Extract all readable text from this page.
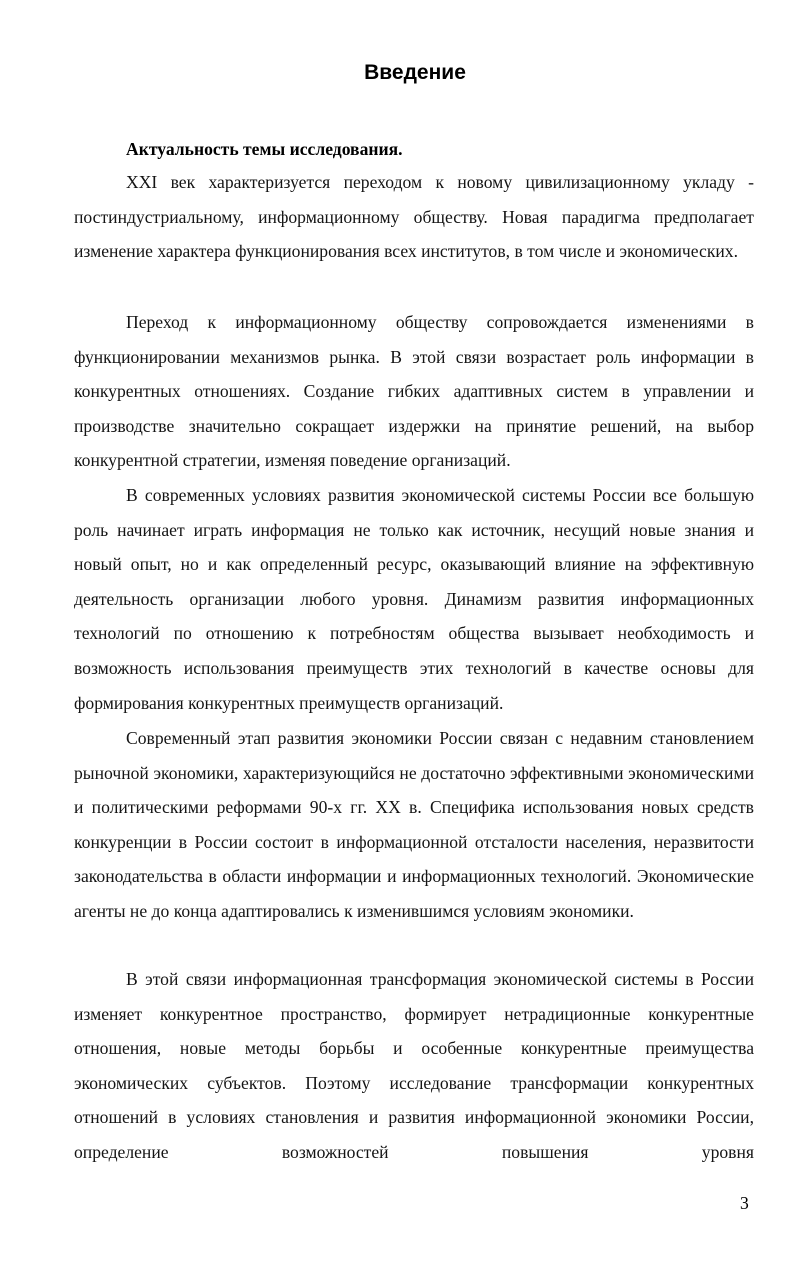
Введение
Актуальность темы исследования.

XXI век характеризуется переходом к новому цивилизационному укладу - постиндустриальному, информационному обществу. Новая парадигма предполагает изменение характера функционирования всех институтов, в том числе и экономических.

Переход к информационному обществу сопровождается изменениями в функционировании механизмов рынка. В этой связи возрастает роль информации в конкурентных отношениях. Создание гибких адаптивных систем в управлении и производстве значительно сокращает издержки на принятие решений, на выбор конкурентной стратегии, изменяя поведение организаций.

В современных условиях развития экономической системы России все большую роль начинает играть информация не только как источник, несущий новые знания и новый опыт, но и как определенный ресурс, оказывающий влияние на эффективную деятельность организации любого уровня. Динамизм развития информационных технологий по отношению к потребностям общества вызывает необходимость и возможность использования преимуществ этих технологий в качестве основы для формирования конкурентных преимуществ организаций.

Современный этап развития экономики России связан с недавним становлением рыночной экономики, характеризующийся не достаточно эффективными экономическими и политическими реформами 90-х гг. XX в. Специфика использования новых средств конкуренции в России состоит в информационной отсталости населения, неразвитости законодательства в области информации и информационных технологий. Экономические агенты не до конца адаптировались к изменившимся условиям экономики.

В этой связи информационная трансформация экономической системы в России изменяет конкурентное пространство, формирует нетрадиционные конкурентные отношения, новые методы борьбы и особенные конкурентные преимущества экономических субъектов. Поэтому исследование трансформации конкурентных отношений в условиях становления и развития информационной экономики России, определение возможностей повышения уровня

3
